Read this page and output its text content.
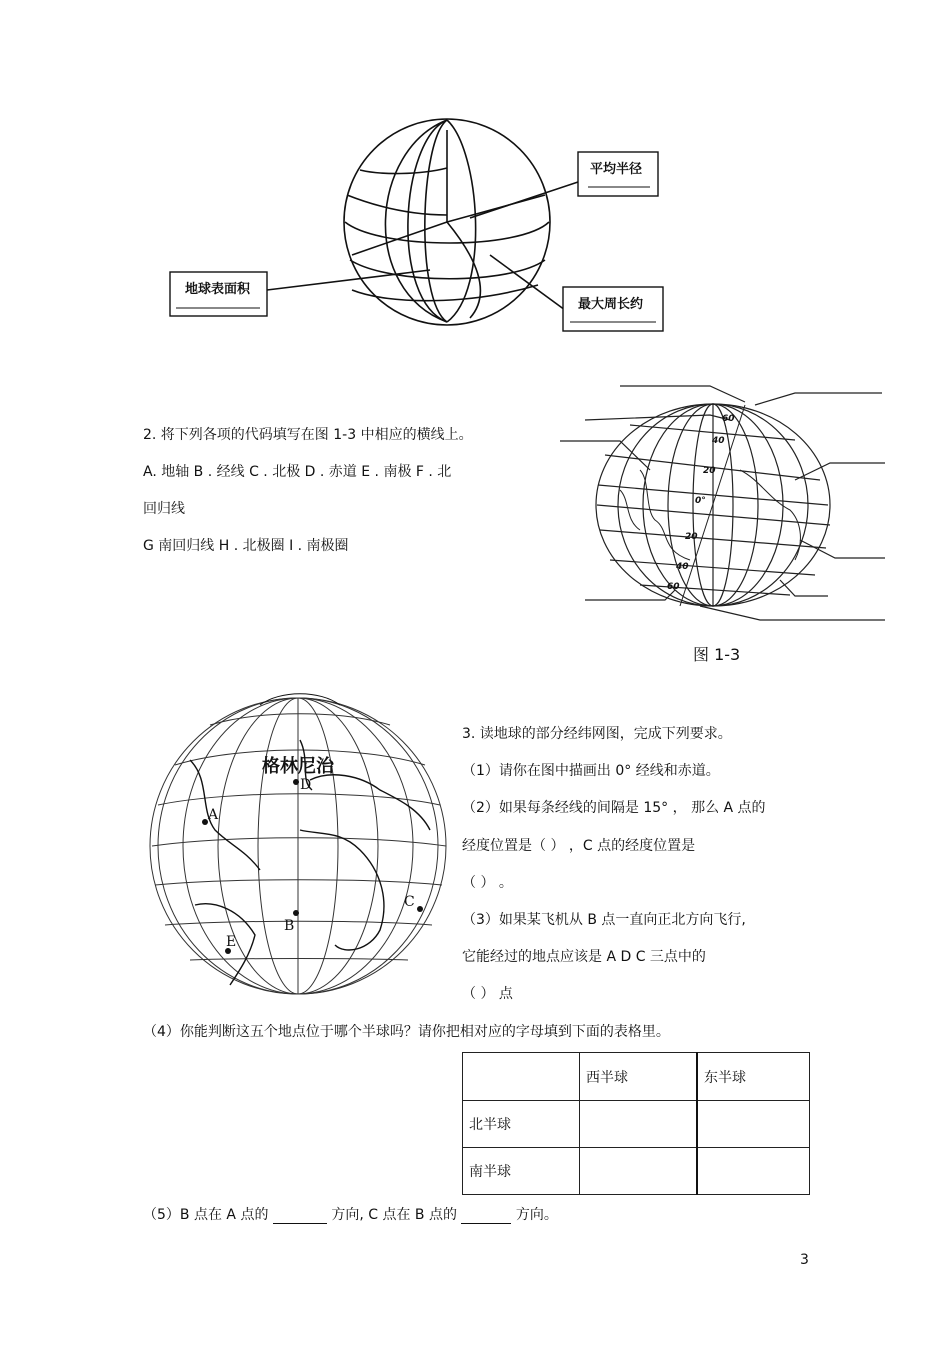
平均半径
地球表面积
最大周长约
2. 将下列各项的代码填写在图 1-3 中相应的横线上。
A. 地轴 B . 经线 C . 北极 D . 赤道 E . 南极 F . 北
回归线
G 南回归线 H . 北极圈 I . 南极圈
60
40
20
0°
20
40
60
图 1-3
格林尼治
A
B
C
D
E
3. 读地球的部分经纬网图，完成下列要求。
（1）请你在图中描画出 0° 经线和赤道。
（2）如果每条经线的间隔是 15° ， 那么 A 点的
经度位置是（ ） ，C 点的经度位置是
（ ） 。
（3）如果某飞机从 B 点一直向正北方向飞行,
它能经过的地点应该是 A D C 三点中的
（ ） 点
（4）你能判断这五个地点位于哪个半球吗？请你把相对应的字母填到下面的表格里。
	西半球	东半球
北半球		
南半球		
（5）B 点在 A 点的	方向, C 点在 B 点的	方向。
3
